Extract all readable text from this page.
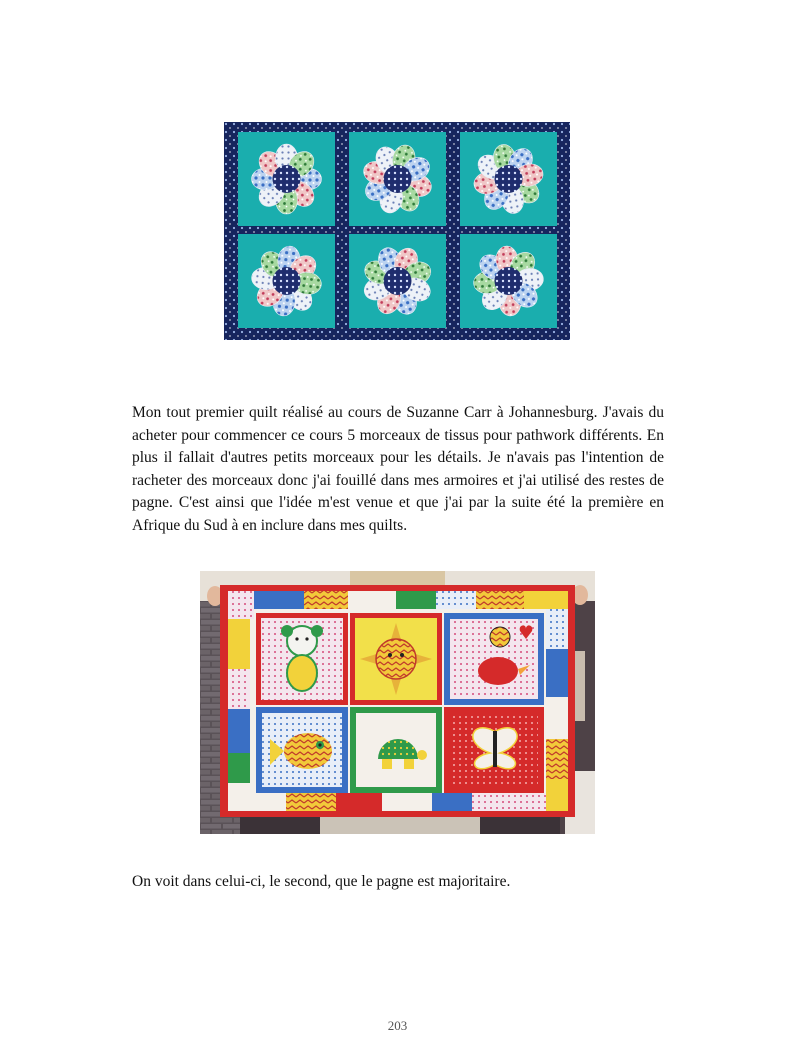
Mon tout premier quilt réalisé au cours de Suzanne Carr à Johannesburg. J'avais du acheter pour commencer ce cours 5 morceaux de tissus pour pathwork différents. En plus il fallait d'autres petits morceaux pour les détails. Je n'avais pas l'intention de racheter des morceaux donc j'ai fouillé dans mes armoires et j'ai utilisé des restes de pagne. C'est ainsi que l'idée m'est venue et que j'ai par la suite été la première en Afrique du Sud à en inclure dans mes quilts.

On voit dans celui-ci, le second, que le pagne est majoritaire.

203
